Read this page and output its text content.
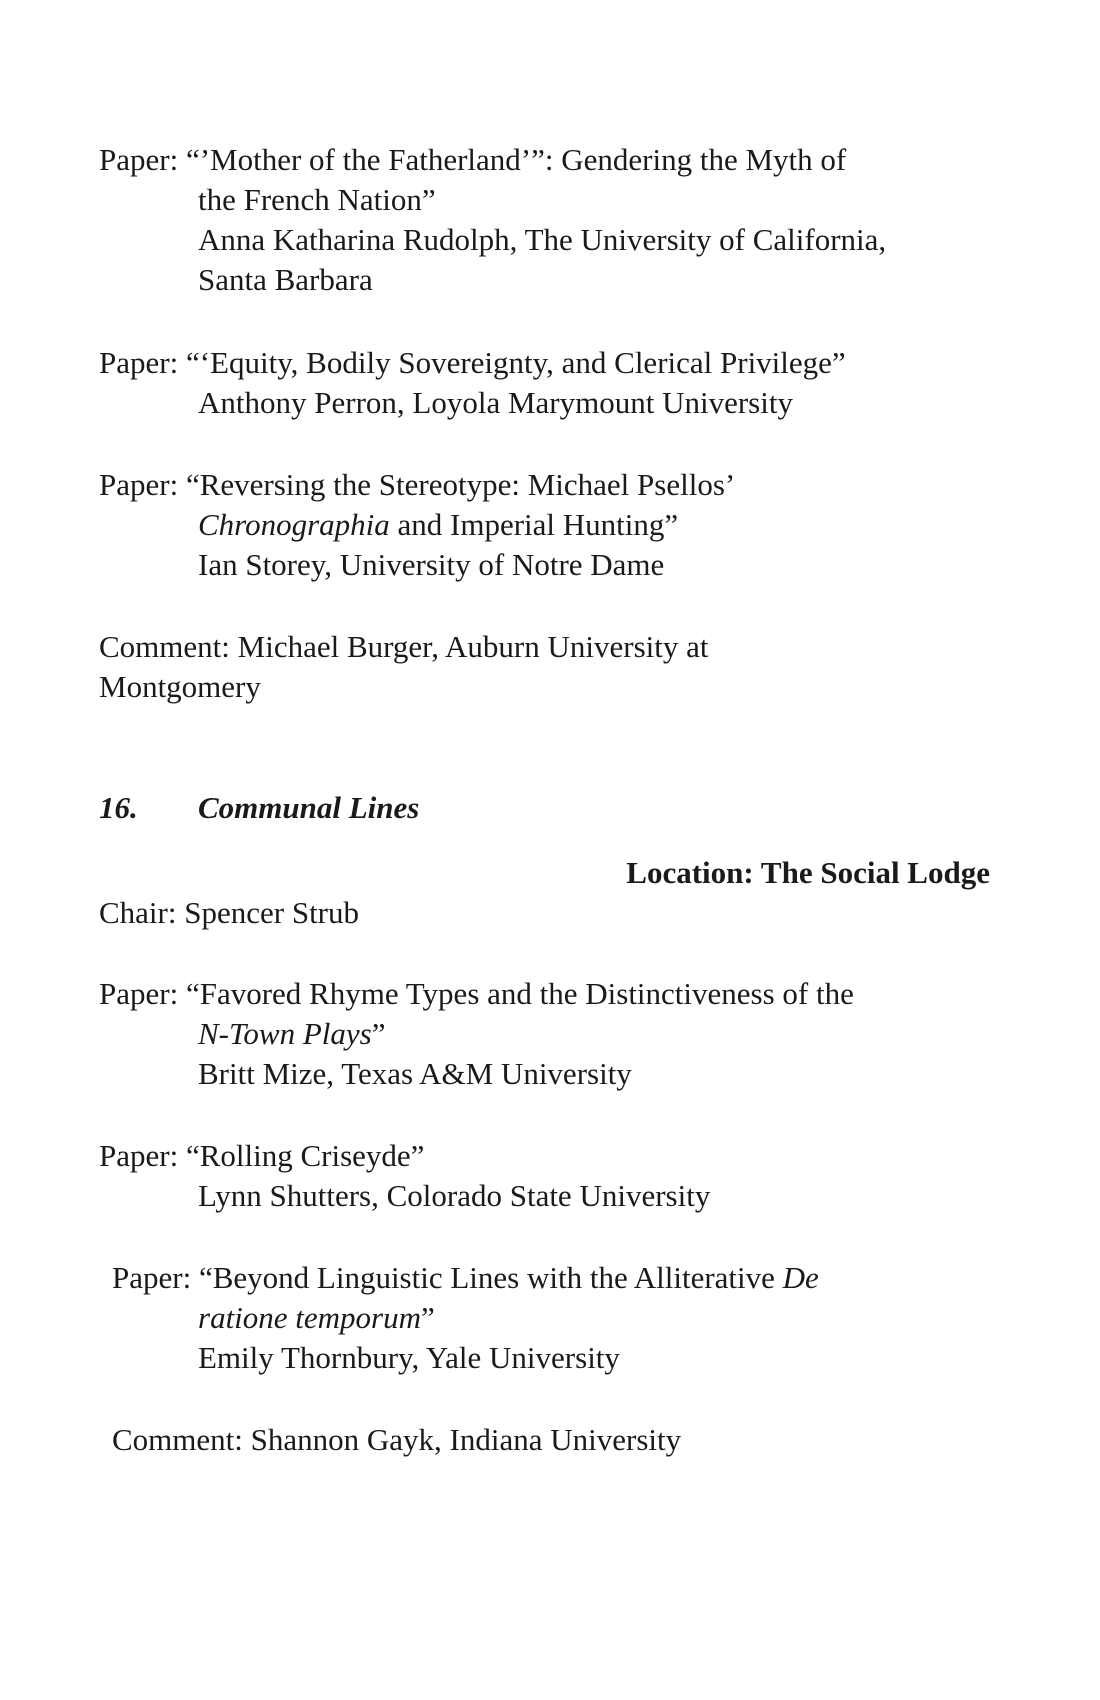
Paper: “’Mother of the Fatherland’”: Gendering the Myth of
the French Nation”
Anna Katharina Rudolph, The University of California,
Santa Barbara
Paper: “‘Equity, Bodily Sovereignty, and Clerical Privilege”
Anthony Perron, Loyola Marymount University
Paper: “Reversing the Stereotype: Michael Psellos’
Chronographia and Imperial Hunting”
Ian Storey, University of Notre Dame
Comment: Michael Burger, Auburn University at
Montgomery
16. Communal Lines
Location: The Social Lodge
Chair: Spencer Strub
Paper: “Favored Rhyme Types and the Distinctiveness of the
N-Town Plays”
Britt Mize, Texas A&M University
Paper: “Rolling Criseyde”
Lynn Shutters, Colorado State University
Paper: “Beyond Linguistic Lines with the Alliterative De
ratione temporum”
Emily Thornbury, Yale University
Comment: Shannon Gayk, Indiana University
